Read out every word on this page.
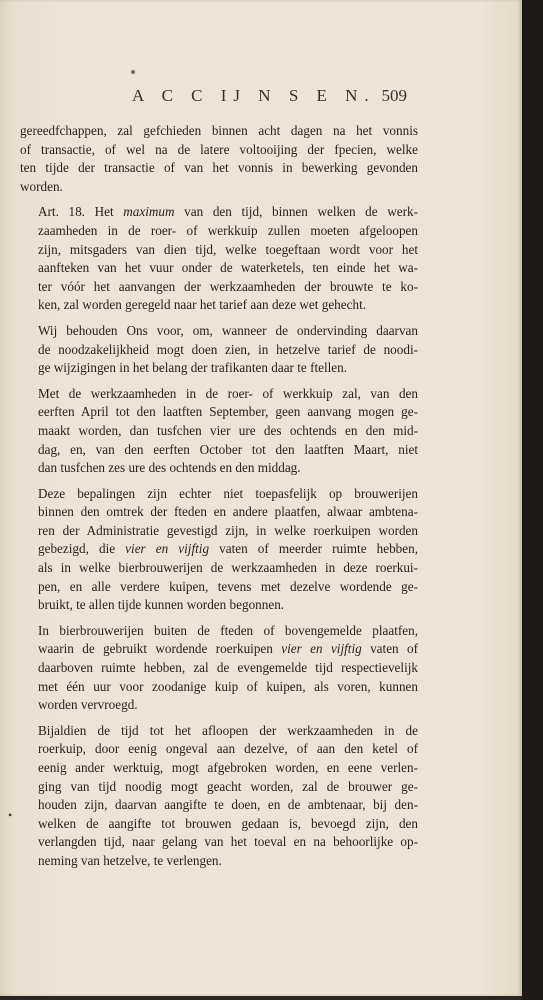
A C C IJ N S E N. 509
gereedfchappen, zal gefchieden binnen acht dagen na het vonnis
of transactie, of wel na de latere voltooijing der fpecien, welke
ten tijde der transactie of van het vonnis in bewerking gevonden
worden.
Art. 18. Het maximum van den tijd, binnen welken de werk-
zaamheden in de roer- of werkkuip zullen moeten afgeloopen
zijn, mitsgaders van dien tijd, welke toegeftaan wordt voor het
aanfteken van het vuur onder de waterketels, ten einde het wa-
ter vóór het aanvangen der werkzaamheden der brouwte te ko-
ken, zal worden geregeld naar het tarief aan deze wet gehecht.
Wij behouden Ons voor, om, wanneer de ondervinding daarvan
de noodzakelijkheid mogt doen zien, in hetzelve tarief de noodi-
ge wijzigingen in het belang der trafikanten daar te ftellen.
Met de werkzaamheden in de roer- of werkkuip zal, van den
eerften April tot den laatften September, geen aanvang mogen ge-
maakt worden, dan tusfchen vier ure des ochtends en den mid-
dag, en, van den eerften October tot den laatften Maart, niet
dan tusfchen zes ure des ochtends en den middag.
Deze bepalingen zijn echter niet toepasfelijk op brouwerijen
binnen den omtrek der fteden en andere plaatfen, alwaar ambtena-
ren der Administratie gevestigd zijn, in welke roerkuipen worden
gebezigd, die vier en vijftig vaten of meerder ruimte hebben,
als in welke bierbrouwerijen de werkzaamheden in deze roerkui-
pen, en alle verdere kuipen, tevens met dezelve wordende ge-
bruikt, te allen tijde kunnen worden begonnen.
In bierbrouwerijen buiten de fteden of bovengemelde plaatfen,
waarin de gebruikt wordende roerkuipen vier en vijftig vaten of
daarboven ruimte hebben, zal de evengemelde tijd respectievelijk
met één uur voor zoodanige kuip of kuipen, als voren, kunnen
worden vervroegd.
Bijaldien de tijd tot het afloopen der werkzaamheden in de
roerkuip, door eenig ongeval aan dezelve, of aan den ketel of
eenig ander werktuig, mogt afgebroken worden, en eene verlen-
ging van tijd noodig mogt geacht worden, zal de brouwer ge-
houden zijn, daarvan aangifte te doen, en de ambtenaar, bij den-
welken de aangifte tot brouwen gedaan is, bevoegd zijn, den
verlangden tijd, naar gelang van het toeval en na behoorlijke op-
neming van hetzelve, te verlengen.
•
